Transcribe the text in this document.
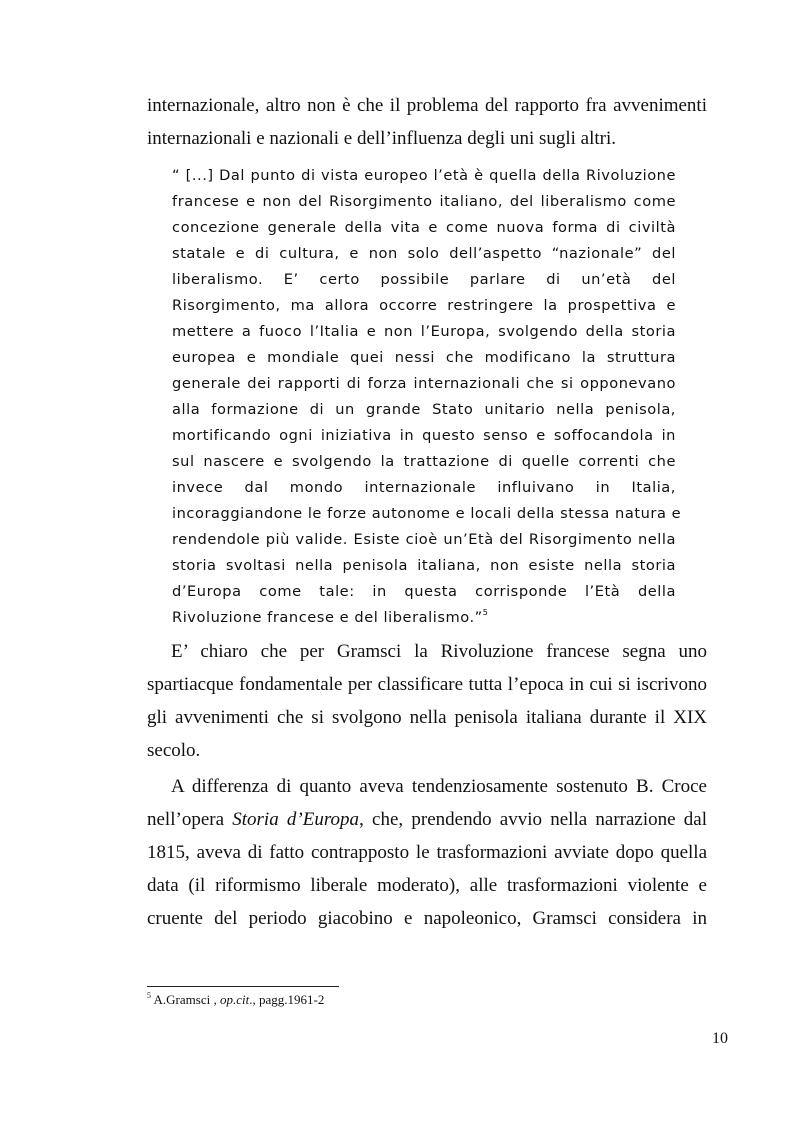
internazionale, altro non è che il problema del rapporto fra avvenimenti
internazionali e nazionali e dell’influenza degli uni sugli altri.
“ [...] Dal punto di vista europeo l’età è quella della Rivoluzione
francese e non del Risorgimento italiano, del liberalismo come
concezione generale della vita e come nuova forma di civiltà
statale e di cultura, e non solo dell’aspetto “nazionale” del
liberalismo. E’ certo possibile parlare di un’età del
Risorgimento, ma allora occorre restringere la prospettiva e
mettere a fuoco l’Italia e non l’Europa, svolgendo della storia
europea e mondiale quei nessi che modificano la struttura
generale dei rapporti di forza internazionali che si opponevano
alla formazione di un grande Stato unitario nella penisola,
mortificando ogni iniziativa in questo senso e soffocandola in
sul nascere e svolgendo la trattazione di quelle correnti che
invece dal mondo internazionale influivano in Italia,
incoraggiandone le forze autonome e locali della stessa natura e
rendendole più valide. Esiste cioè un’Età del Risorgimento nella
storia svoltasi nella penisola italiana, non esiste nella storia
d’Europa come tale: in questa corrisponde l’Età della
Rivoluzione francese e del liberalismo.”$^5$
E’ chiaro che per Gramsci la Rivoluzione francese segna uno
spartiacque fondamentale per classificare tutta l’epoca in cui si iscrivono
gli avvenimenti che si svolgono nella penisola italiana durante il XIX
secolo.
A differenza di quanto aveva tendenziosamente sostenuto B. Croce
nell’opera Storia d’Europa, che, prendendo avvio nella narrazione dal
1815, aveva di fatto contrapposto le trasformazioni avviate dopo quella
data (il riformismo liberale moderato), alle trasformazioni violente e
cruente del periodo giacobino e napoleonico, Gramsci considera in
$^5$ A.Gramsci , op.cit., pagg.1961-2
10
